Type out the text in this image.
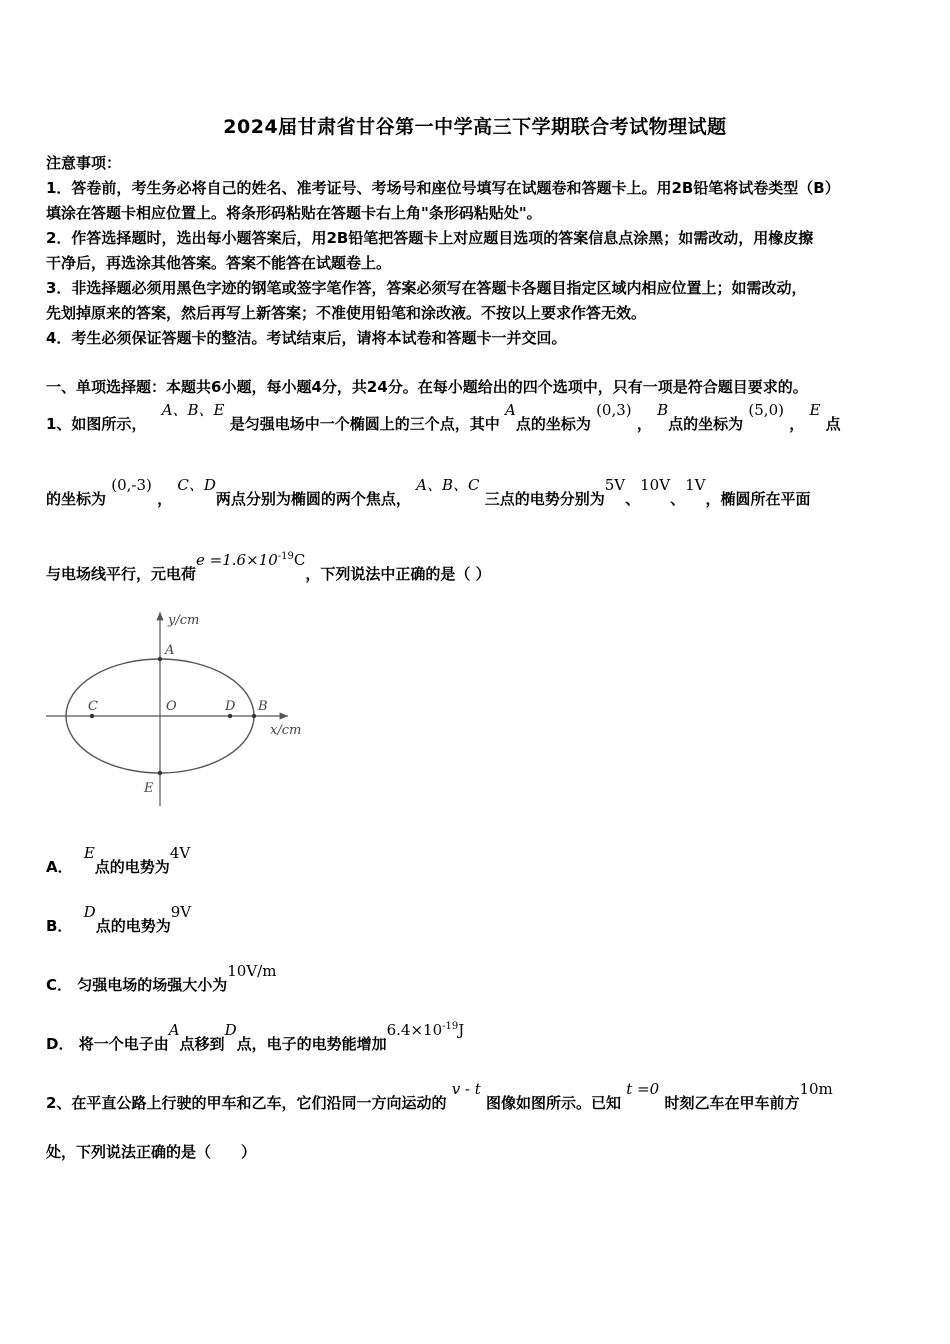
2024届甘肃省甘谷第一中学高三下学期联合考试物理试题
注意事项：
1．答卷前，考生务必将自己的姓名、准考证号、考场号和座位号填写在试题卷和答题卡上。用2B铅笔将试卷类型（B）
填涂在答题卡相应位置上。将条形码粘贴在答题卡右上角"条形码粘贴处"。
2．作答选择题时，选出每小题答案后，用2B铅笔把答题卡上对应题目选项的答案信息点涂黑；如需改动，用橡皮擦
干净后，再选涂其他答案。答案不能答在试题卷上。
3．非选择题必须用黑色字迹的钢笔或签字笔作答，答案必须写在答题卡各题目指定区域内相应位置上；如需改动，
先划掉原来的答案，然后再写上新答案；不准使用铅笔和涂改液。不按以上要求作答无效。
4．考生必须保证答题卡的整洁。考试结束后，请将本试卷和答题卡一并交回。
一、单项选择题：本题共6小题，每小题4分，共24分。在每小题给出的四个选项中，只有一项是符合题目要求的。
1、如图所示， A、B、E 是匀强电场中一个椭圆上的三个点，其中 A点的坐标为 (0,3) ， B点的坐标为 (5,0) ， E 点
的坐标为 (0,-3) ， C、D两点分别为椭圆的两个焦点， A、B、C 三点的电势分别为5V、10V、1V，椭圆所在平面
与电场线平行，元电荷$e =1.6\times 10^{-19}C$，下列说法中正确的是（ ）
y/cm
x/cm
A
B
C	D
E
O
A． E点的电势为4V
B． D点的电势为9V
C． 匀强电场的场强大小为10V/m
D． 将一个电子由A点移到D点，电子的电势能增加$6.4\times 10^{-19}J$
2、在平直公路上行驶的甲车和乙车，它们沿同一方向运动的 v - t 图像如图所示。已知 t =0 时刻乙车在甲车前方10m
处，下列说法正确的是（　　）
